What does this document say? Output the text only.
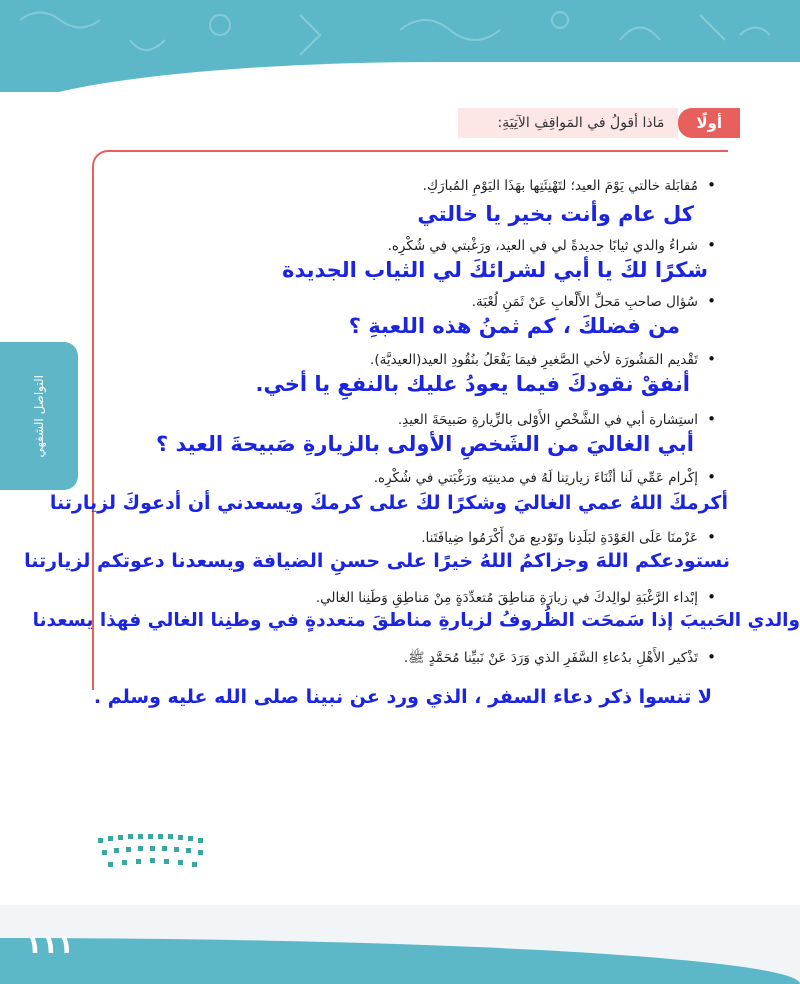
أولًا
مَاذا أقولُ في المَواقِفِ الآتِيَةِ:
التواصل الشفهي
• مُقابَلة خالتي يَوْمَ العيد؛ لتَهْنِئَتِها بهَذَا اليَوْمِ المُبارَكِ.
كل عام وأنت بخير يا خالتي
• شراءُ والدي ثيابًا جديدةً لي في العيد، ورَغْبتي في شُكْرِه.
شكرًا لكَ يا أبي لشرائكَ لي الثياب الجديدة
• سُؤال صاحبِ مَحلِّ الأَلْعابِ عَنْ ثَمَنِ لُعْبَة.
من فضلكَ ، كم ثمنُ هذه اللعبةِ ؟
• تَقْديم المَشُورَة لأخي الصَّغيرِ فيمَا يَفْعَلُ بنُقُودِ العيد(العيديَّة).
أنفقْ نقودكَ فيما يعودُ عليك بالنفعِ يا أخي.
• استِشارة أبي في الشَّخْصِ الأَوْلى بالزِّيارةِ صَبيحَةَ العيدِ.
أبي الغاليَ من الشَخصِ الأولى بالزيارةِ صَبيحةَ العيد ؟
• إكْرام عَمِّي لَنا أثْنَاءَ زيارتِنا لَهُ في مدينتِه ورَغْبَتي في شُكْرِه.
أكرمكَ اللهُ عمي الغاليَ وشكرًا لكَ على كرمكَ ويسعدني أن أدعوكَ لزيارتنا
• عَزْمنَا عَلَى العَوْدَةِ لبَلَدِنا وتَوْديع مَنْ أَكْرَمُوا ضِيافَتَنا.
نستودعكم اللهَ وجزاكمُ اللهُ خيرًا على حسنِ الضيافة ويسعدنا دعوتكم لزيارتنا
• إبْداء الرَّغْبَةِ لوالِدكَ في زيارَةِ مَناطِقَ مُتعدِّدَةٍ مِنْ مَناطِقِ وَطَنِنا الغالي.
والدي الحَبيبَ إذا سَمحَت الظُروفُ لزيارةِ مناطقَ متعددةٍ في وطنِنا الغالي فهذا يسعدنا
• تَذْكير الأَهْلِ بدُعاءِ السَّفَرِ الذي وَرَدَ عَنْ نَبيِّنا مُحَمَّدٍ ﷺ.
لا تنسوا ذكر دعاء السفر ، الذي ورد عن نبينا صلى الله عليه وسلم .
١١١
